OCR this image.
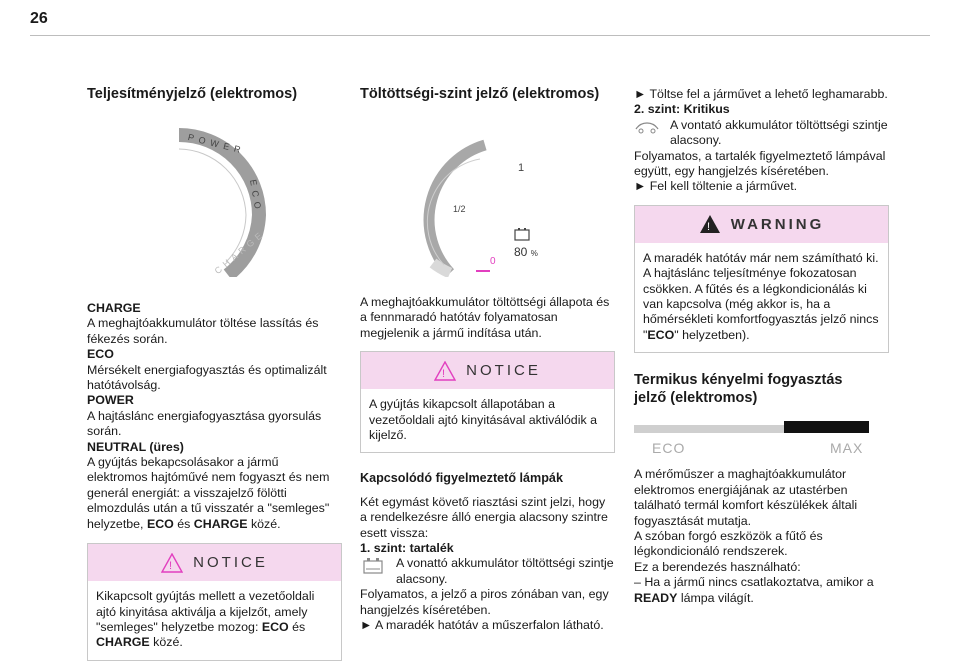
26
Teljesítményjelző (elektromos)
POWER
ECO
CHARGE

CHARGE

A meghajtóakkumulátor töltése lassítás és fékezés során.

ECO

Mérsékelt energiafogyasztás és optimalizált hatótávolság.

POWER

A hajtáslánc energiafogyasztása gyorsulás során.

NEUTRAL (üres)

A gyújtás bekapcsolásakor a jármű elektromos hajtóművé nem fogyaszt és nem generál energiát: a visszajelző fölötti elmozdulás után a tű visszatér a "semleges" helyzetbe, ECO és CHARGE közé.

! NOTICE
Kikapcsolt gyújtás mellett a vezetőoldali ajtó kinyitása aktiválja a kijelzőt, amely "semleges" helyzetbe mozog: ECO és CHARGE közé.
Töltöttségi-szint jelző (elektromos)
1
1/2
0
80 %

A meghajtóakkumulátor töltöttségi állapota és a fennmaradó hatótáv folyamatosan megjelenik a jármű indítása után.

! NOTICE
A gyújtás kikapcsolt állapotában a vezetőoldali ajtó kinyitásával aktiválódik a kijelző.
Kapcsolódó figyelmeztető lámpák

Két egymást követő riasztási szint jelzi, hogy a rendelkezésre álló energia alacsony szintre esett vissza:

1. szint: tartalék

A vonattó akkumulátor töltöttségi szintje alacsony.

Folyamatos, a jelző a piros zónában van, egy hangjelzés kíséretében.

► A maradék hatótáv a műszerfalon látható.

► Töltse fel a járművet a lehető leghamarabb.

2. szint: Kritikus

A vontató akkumulátor töltöttségi szintje alacsony.

Folyamatos, a tartalék figyelmeztető lámpával együtt, egy hangjelzés kíséretében.

► Fel kell töltenie a járművet.

! WARNING
A maradék hatótáv már nem számítható ki. A hajtáslánc teljesítménye fokozatosan csökken. A fűtés és a légkondicionálás ki van kapcsolva (még akkor is, ha a hőmérsékleti komfortfogyasztás jelző nincs "ECO" helyzetben).
Termikus kényelmi fogyasztás jelző (elektromos)
ECO	MAX

A mérőműszer a maghajtóakkumulátor elektromos energiájának az utastérben található termál komfort készülékek általi fogyasztását mutatja.

A szóban forgó eszközök a fűtő és légkondicionáló rendszerek.

Ez a berendezés használható:

– Ha a jármű nincs csatlakoztatva, amikor a READY lámpa világít.
